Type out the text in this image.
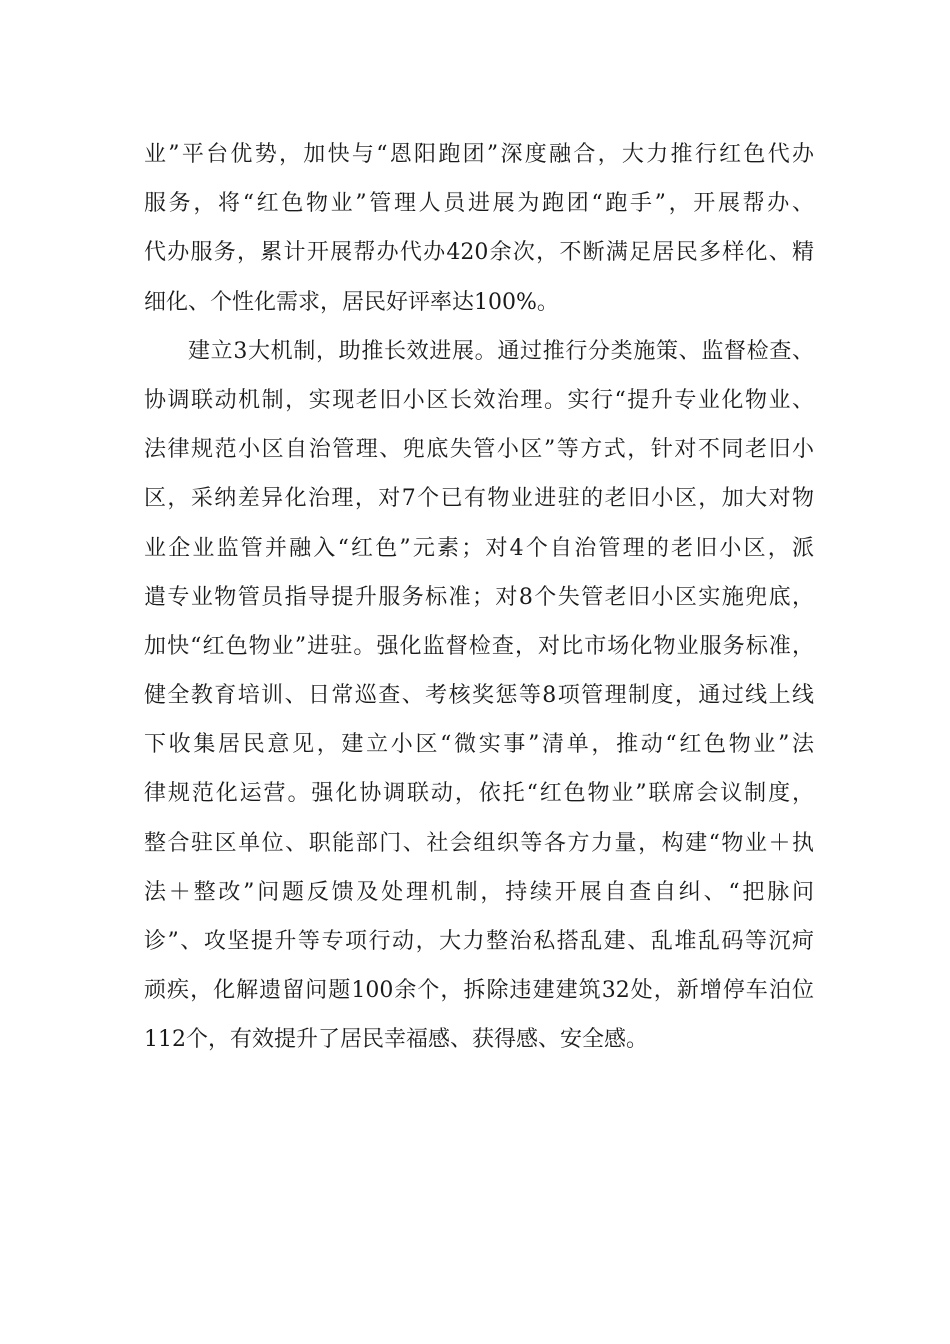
业”平台优势，加快与“恩阳跑团”深度融合，大力推行红色代办
服务，将“红色物业”管理人员进展为跑团“跑手”，开展帮办、
代办服务，累计开展帮办代办420余次，不断满足居民多样化、精
细化、个性化需求，居民好评率达100%。
建立3大机制，助推长效进展。通过推行分类施策、监督检查、
协调联动机制，实现老旧小区长效治理。实行“提升专业化物业、
法律规范小区自治管理、兜底失管小区”等方式，针对不同老旧小
区，采纳差异化治理，对7个已有物业进驻的老旧小区，加大对物
业企业监管并融入“红色”元素；对4个自治管理的老旧小区，派
遣专业物管员指导提升服务标准；对8个失管老旧小区实施兜底，
加快“红色物业”进驻。强化监督检查，对比市场化物业服务标准，
健全教育培训、日常巡查、考核奖惩等8项管理制度，通过线上线
下收集居民意见，建立小区“微实事”清单，推动“红色物业”法
律规范化运营。强化协调联动，依托“红色物业”联席会议制度，
整合驻区单位、职能部门、社会组织等各方力量，构建“物业＋执
法＋整改”问题反馈及处理机制，持续开展自查自纠、“把脉问
诊”、攻坚提升等专项行动，大力整治私搭乱建、乱堆乱码等沉疴
顽疾，化解遗留问题100余个，拆除违建建筑32处，新增停车泊位
112个，有效提升了居民幸福感、获得感、安全感。
